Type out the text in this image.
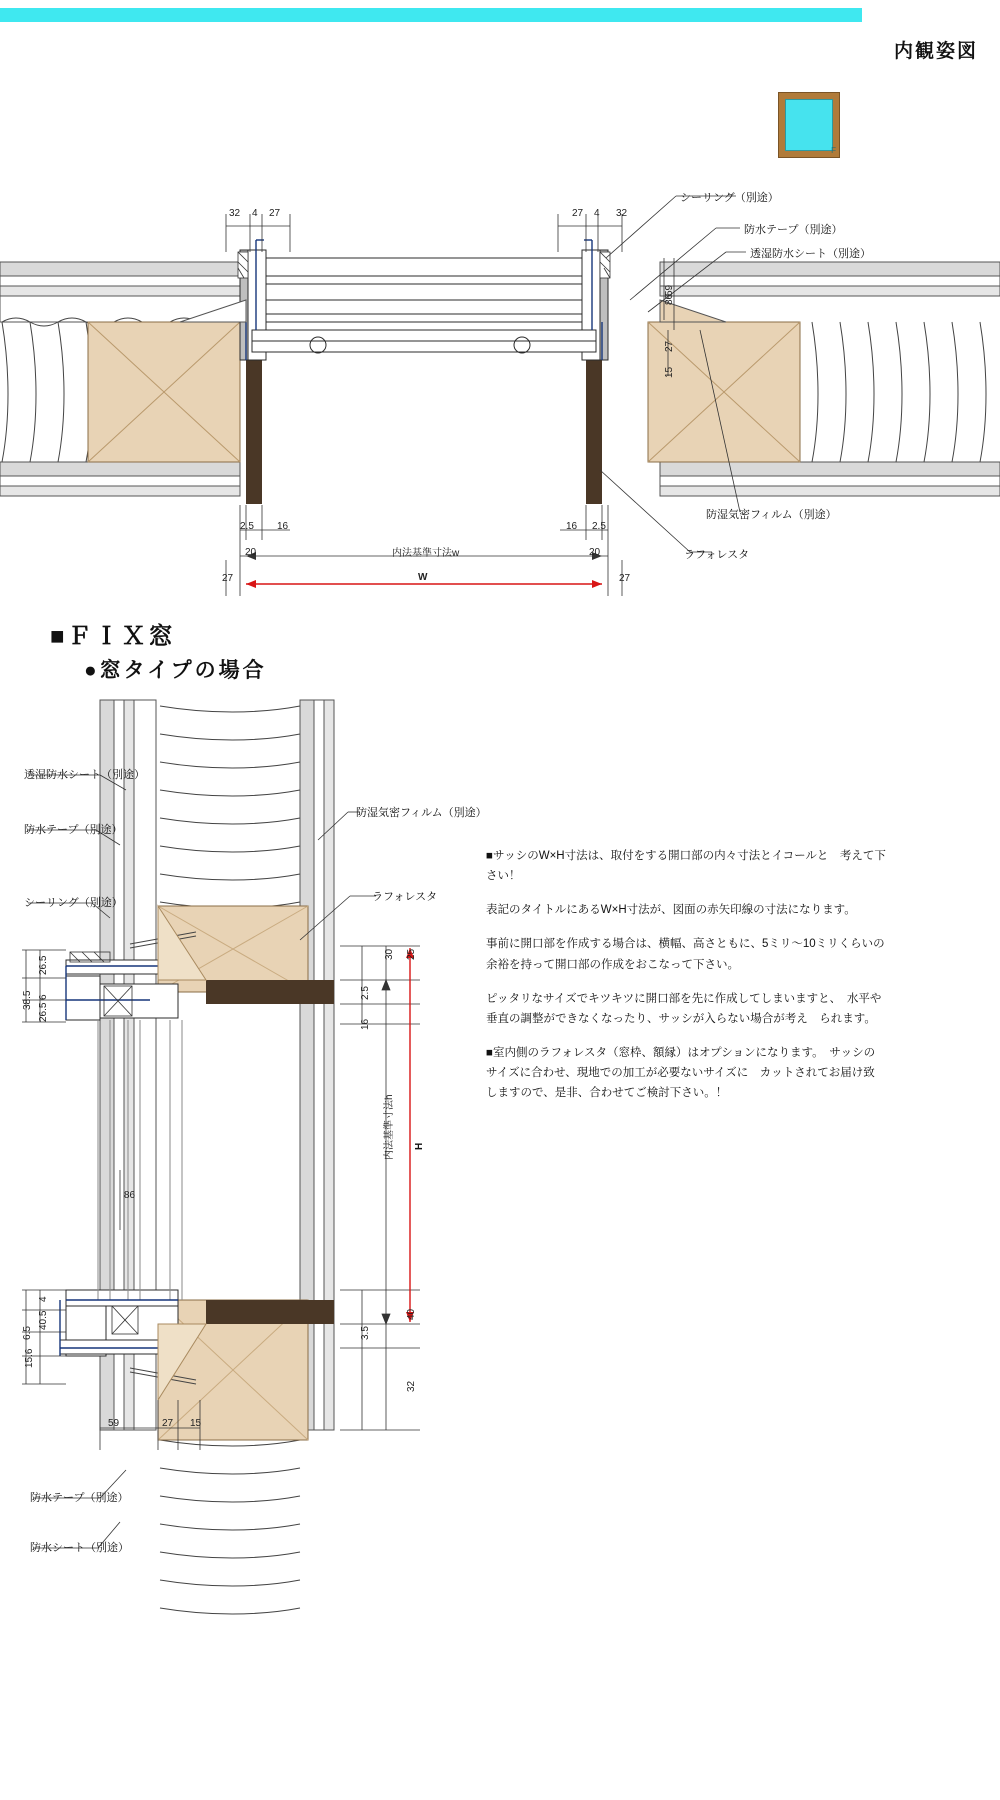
内観姿図
F
32 4 27	27 4 32
86
59
27
15
2.5 16	16 2.5
20	20
内法基準寸法w
27	27
W
シーリング（別途）
防水テープ（別途）
透湿防水シート（別途）
防湿気密フィルム（別途）
ラフォレスタ
■ＦＩＸ窓
●窓タイプの場合
透湿防水シート（別途）
防水テープ（別途）
シーリング（別途）
防湿気密フィルム（別途）
ラフォレスタ
防水テープ（別途）
防水シート（別途）
26.5
6
26.5
38.5
25
30
2.5
16
86
4
6.5
40.5
15.6
3.5
40
32
内法基準寸法h H
59	27 15

■サッシのW×H寸法は、取付をする開口部の内々寸法とイコールと　考えて下さい！

表記のタイトルにあるW×H寸法が、図面の赤矢印線の寸法になります。

事前に開口部を作成する場合は、横幅、高さともに、5ミリ〜10ミリくらいの　余裕を持って開口部の作成をおこなって下さい。

ピッタリなサイズでキツキツに開口部を先に作成してしまいますと、　水平や垂直の調整ができなくなったり、サッシが入らない場合が考え　られます。

■室内側のラフォレスタ（窓枠、額縁）はオプションになります。　サッシのサイズに合わせ、現地での加工が必要ないサイズに　カットされてお届け致しますので、是非、合わせてご検討下さい。！
